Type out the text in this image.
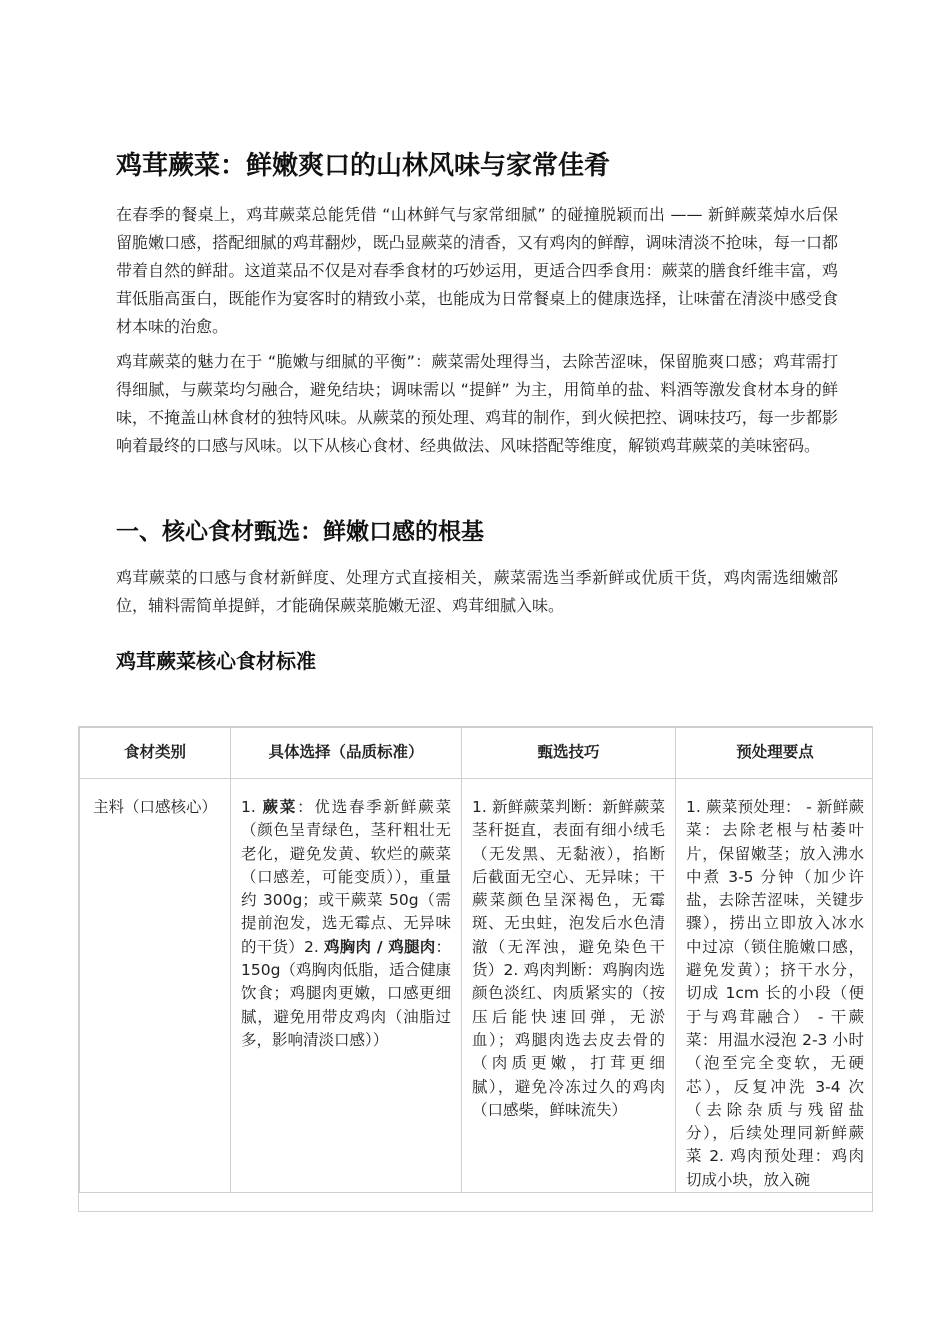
鸡茸蕨菜：鲜嫩爽口的山林风味与家常佳肴

在春季的餐桌上，鸡茸蕨菜总能凭借 “山林鲜气与家常细腻” 的碰撞脱颖而出 —— 新鲜蕨菜焯水后保留脆嫩口感，搭配细腻的鸡茸翻炒，既凸显蕨菜的清香，又有鸡肉的鲜醇，调味清淡不抢味，每一口都带着自然的鲜甜。这道菜品不仅是对春季食材的巧妙运用，更适合四季食用：蕨菜的膳食纤维丰富，鸡茸低脂高蛋白，既能作为宴客时的精致小菜，也能成为日常餐桌上的健康选择，让味蕾在清淡中感受食材本味的治愈。

鸡茸蕨菜的魅力在于 “脆嫩与细腻的平衡”：蕨菜需处理得当，去除苦涩味，保留脆爽口感；鸡茸需打得细腻，与蕨菜均匀融合，避免结块；调味需以 “提鲜” 为主，用简单的盐、料酒等激发食材本身的鲜味，不掩盖山林食材的独特风味。从蕨菜的预处理、鸡茸的制作，到火候把控、调味技巧，每一步都影响着最终的口感与风味。以下从核心食材、经典做法、风味搭配等维度，解锁鸡茸蕨菜的美味密码。

一、核心食材甄选：鲜嫩口感的根基

鸡茸蕨菜的口感与食材新鲜度、处理方式直接相关，蕨菜需选当季新鲜或优质干货，鸡肉需选细嫩部位，辅料需简单提鲜，才能确保蕨菜脆嫩无涩、鸡茸细腻入味。

鸡茸蕨菜核心食材标准
食材类别	具体选择（品质标准）	甄选技巧	预处理要点
主料（口感核心）	1. 蕨菜：优选春季新鲜蕨菜（颜色呈青绿色，茎秆粗壮无老化，避免发黄、软烂的蕨菜（口感差，可能变质）），重量约 300g；或干蕨菜 50g（需提前泡发，选无霉点、无异味的干货）2. 鸡胸肉 / 鸡腿肉：150g（鸡胸肉低脂，适合健康饮食；鸡腿肉更嫩，口感更细腻，避免用带皮鸡肉（油脂过多，影响清淡口感））	1. 新鲜蕨菜判断：新鲜蕨菜茎秆挺直，表面有细小绒毛（无发黑、无黏液），掐断后截面无空心、无异味；干蕨菜颜色呈深褐色，无霉斑、无虫蛀，泡发后水色清澈（无浑浊，避免染色干货）2. 鸡肉判断：鸡胸肉选颜色淡红、肉质紧实的（按压后能快速回弹，无淤血）；鸡腿肉选去皮去骨的（肉质更嫩，打茸更细腻），避免冷冻过久的鸡肉（口感柴，鲜味流失）	1. 蕨菜预处理： - 新鲜蕨菜：去除老根与枯萎叶片，保留嫩茎；放入沸水中煮 3-5 分钟（加少许盐，去除苦涩味，关键步骤），捞出立即放入冰水中过凉（锁住脆嫩口感，避免发黄）；挤干水分，切成 1cm 长的小段（便于与鸡茸融合） - 干蕨菜：用温水浸泡 2-3 小时（泡至完全变软，无硬芯），反复冲洗 3-4 次（去除杂质与残留盐分），后续处理同新鲜蕨菜 2. 鸡肉预处理：鸡肉切成小块，放入碗
